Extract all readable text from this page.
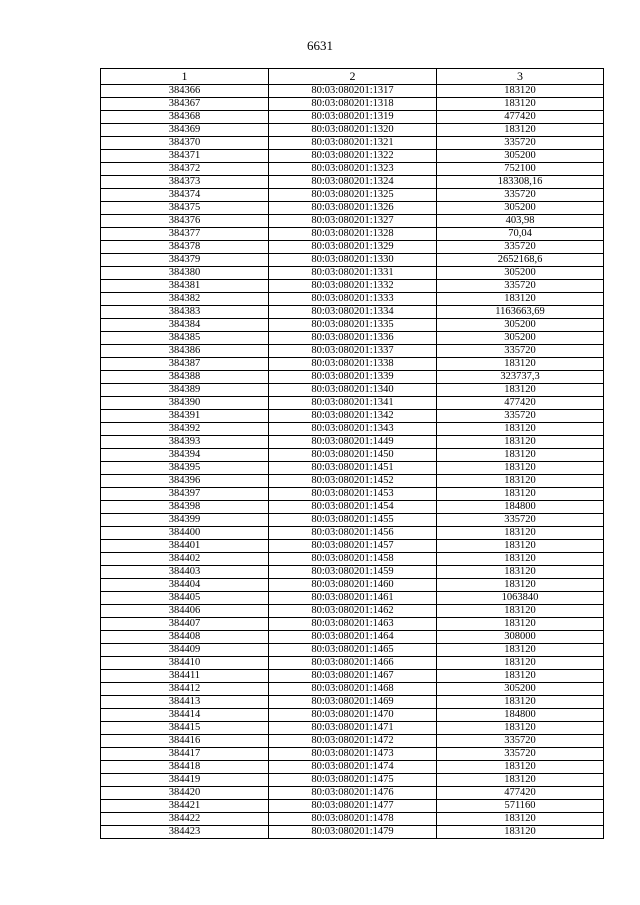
6631
1	2	3
384366	80:03:080201:1317	183120
384367	80:03:080201:1318	183120
384368	80:03:080201:1319	477420
384369	80:03:080201:1320	183120
384370	80:03:080201:1321	335720
384371	80:03:080201:1322	305200
384372	80:03:080201:1323	752100
384373	80:03:080201:1324	183308,16
384374	80:03:080201:1325	335720
384375	80:03:080201:1326	305200
384376	80:03:080201:1327	403,98
384377	80:03:080201:1328	70,04
384378	80:03:080201:1329	335720
384379	80:03:080201:1330	2652168,6
384380	80:03:080201:1331	305200
384381	80:03:080201:1332	335720
384382	80:03:080201:1333	183120
384383	80:03:080201:1334	1163663,69
384384	80:03:080201:1335	305200
384385	80:03:080201:1336	305200
384386	80:03:080201:1337	335720
384387	80:03:080201:1338	183120
384388	80:03:080201:1339	323737,3
384389	80:03:080201:1340	183120
384390	80:03:080201:1341	477420
384391	80:03:080201:1342	335720
384392	80:03:080201:1343	183120
384393	80:03:080201:1449	183120
384394	80:03:080201:1450	183120
384395	80:03:080201:1451	183120
384396	80:03:080201:1452	183120
384397	80:03:080201:1453	183120
384398	80:03:080201:1454	184800
384399	80:03:080201:1455	335720
384400	80:03:080201:1456	183120
384401	80:03:080201:1457	183120
384402	80:03:080201:1458	183120
384403	80:03:080201:1459	183120
384404	80:03:080201:1460	183120
384405	80:03:080201:1461	1063840
384406	80:03:080201:1462	183120
384407	80:03:080201:1463	183120
384408	80:03:080201:1464	308000
384409	80:03:080201:1465	183120
384410	80:03:080201:1466	183120
384411	80:03:080201:1467	183120
384412	80:03:080201:1468	305200
384413	80:03:080201:1469	183120
384414	80:03:080201:1470	184800
384415	80:03:080201:1471	183120
384416	80:03:080201:1472	335720
384417	80:03:080201:1473	335720
384418	80:03:080201:1474	183120
384419	80:03:080201:1475	183120
384420	80:03:080201:1476	477420
384421	80:03:080201:1477	571160
384422	80:03:080201:1478	183120
384423	80:03:080201:1479	183120
